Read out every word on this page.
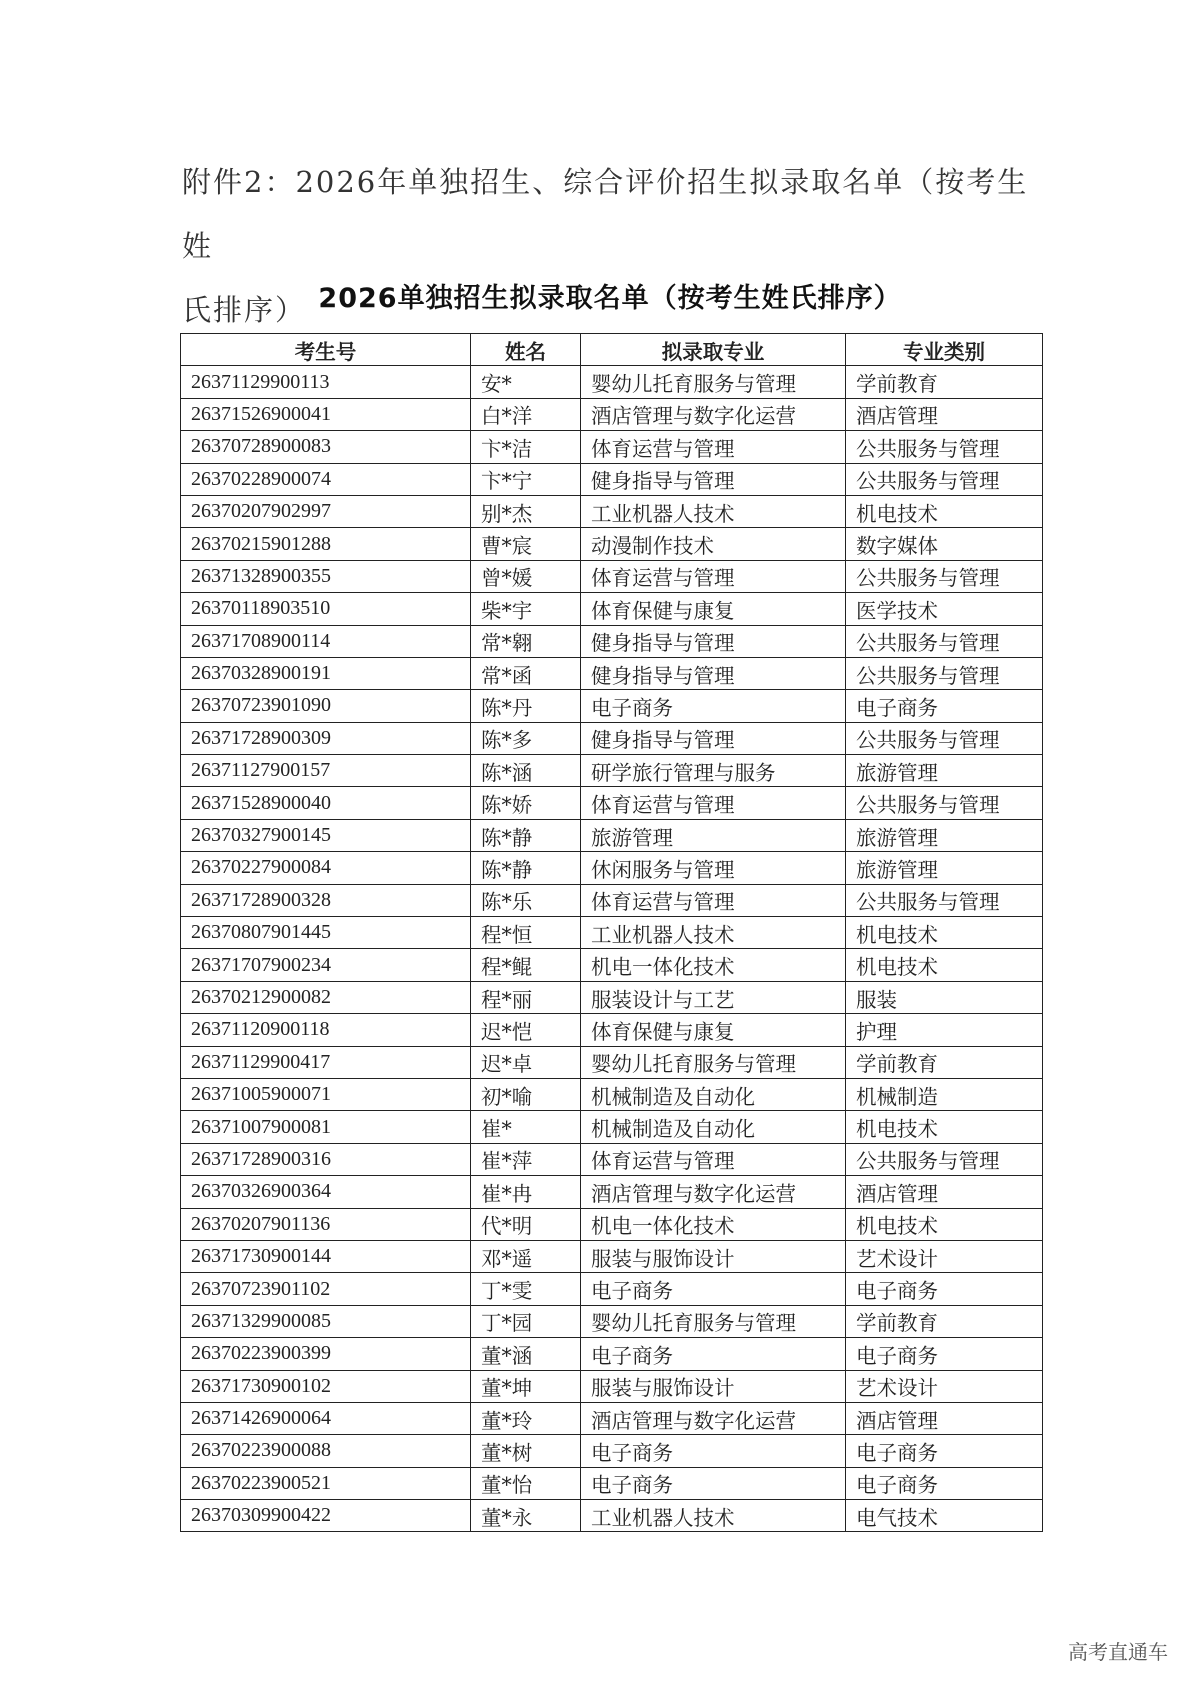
附件2：2026年单独招生、综合评价招生拟录取名单（按考生姓
氏排序） 2026单独招生拟录取名单（按考生姓氏排序）
考生号	姓名	拟录取专业	专业类别
26371129900113	安*	婴幼儿托育服务与管理	学前教育
26371526900041	白*洋	酒店管理与数字化运营	酒店管理
26370728900083	卞*洁	体育运营与管理	公共服务与管理
26370228900074	卞*宁	健身指导与管理	公共服务与管理
26370207902997	别*杰	工业机器人技术	机电技术
26370215901288	曹*宸	动漫制作技术	数字媒体
26371328900355	曾*媛	体育运营与管理	公共服务与管理
26370118903510	柴*宇	体育保健与康复	医学技术
26371708900114	常*翱	健身指导与管理	公共服务与管理
26370328900191	常*函	健身指导与管理	公共服务与管理
26370723901090	陈*丹	电子商务	电子商务
26371728900309	陈*多	健身指导与管理	公共服务与管理
26371127900157	陈*涵	研学旅行管理与服务	旅游管理
26371528900040	陈*娇	体育运营与管理	公共服务与管理
26370327900145	陈*静	旅游管理	旅游管理
26370227900084	陈*静	休闲服务与管理	旅游管理
26371728900328	陈*乐	体育运营与管理	公共服务与管理
26370807901445	程*恒	工业机器人技术	机电技术
26371707900234	程*鲲	机电一体化技术	机电技术
26370212900082	程*丽	服装设计与工艺	服装
26371120900118	迟*恺	体育保健与康复	护理
26371129900417	迟*卓	婴幼儿托育服务与管理	学前教育
26371005900071	初*喻	机械制造及自动化	机械制造
26371007900081	崔*	机械制造及自动化	机电技术
26371728900316	崔*萍	体育运营与管理	公共服务与管理
26370326900364	崔*冉	酒店管理与数字化运营	酒店管理
26370207901136	代*明	机电一体化技术	机电技术
26371730900144	邓*遥	服装与服饰设计	艺术设计
26370723901102	丁*雯	电子商务	电子商务
26371329900085	丁*园	婴幼儿托育服务与管理	学前教育
26370223900399	董*涵	电子商务	电子商务
26371730900102	董*坤	服装与服饰设计	艺术设计
26371426900064	董*玲	酒店管理与数字化运营	酒店管理
26370223900088	董*树	电子商务	电子商务
26370223900521	董*怡	电子商务	电子商务
26370309900422	董*永	工业机器人技术	电气技术
高考直通车
